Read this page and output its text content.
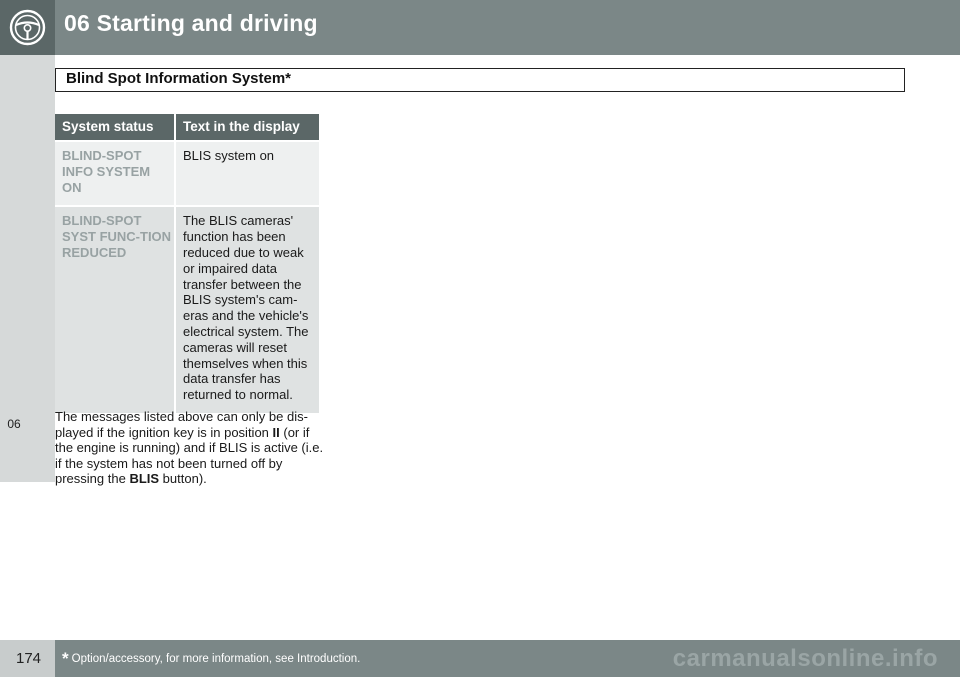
06 Starting and driving
06
Blind Spot Information System*
System status	Text in the display
BLIND-SPOT INFO SYSTEM ON	BLIS system on
BLIND-SPOT SYST FUNC-TION REDUCED	The BLIS cameras' function has been reduced due to weak or impaired data transfer between the BLIS system's cam-eras and the vehicle's electrical system. The cameras will reset themselves when this data transfer has returned to normal.
The messages listed above can only be dis-played if the ignition key is in position II (or if the engine is running) and if BLIS is active (i.e. if the system has not been turned off by pressing the BLIS button).
174 * Option/accessory, for more information, see Introduction.	carmanualsonline.info
